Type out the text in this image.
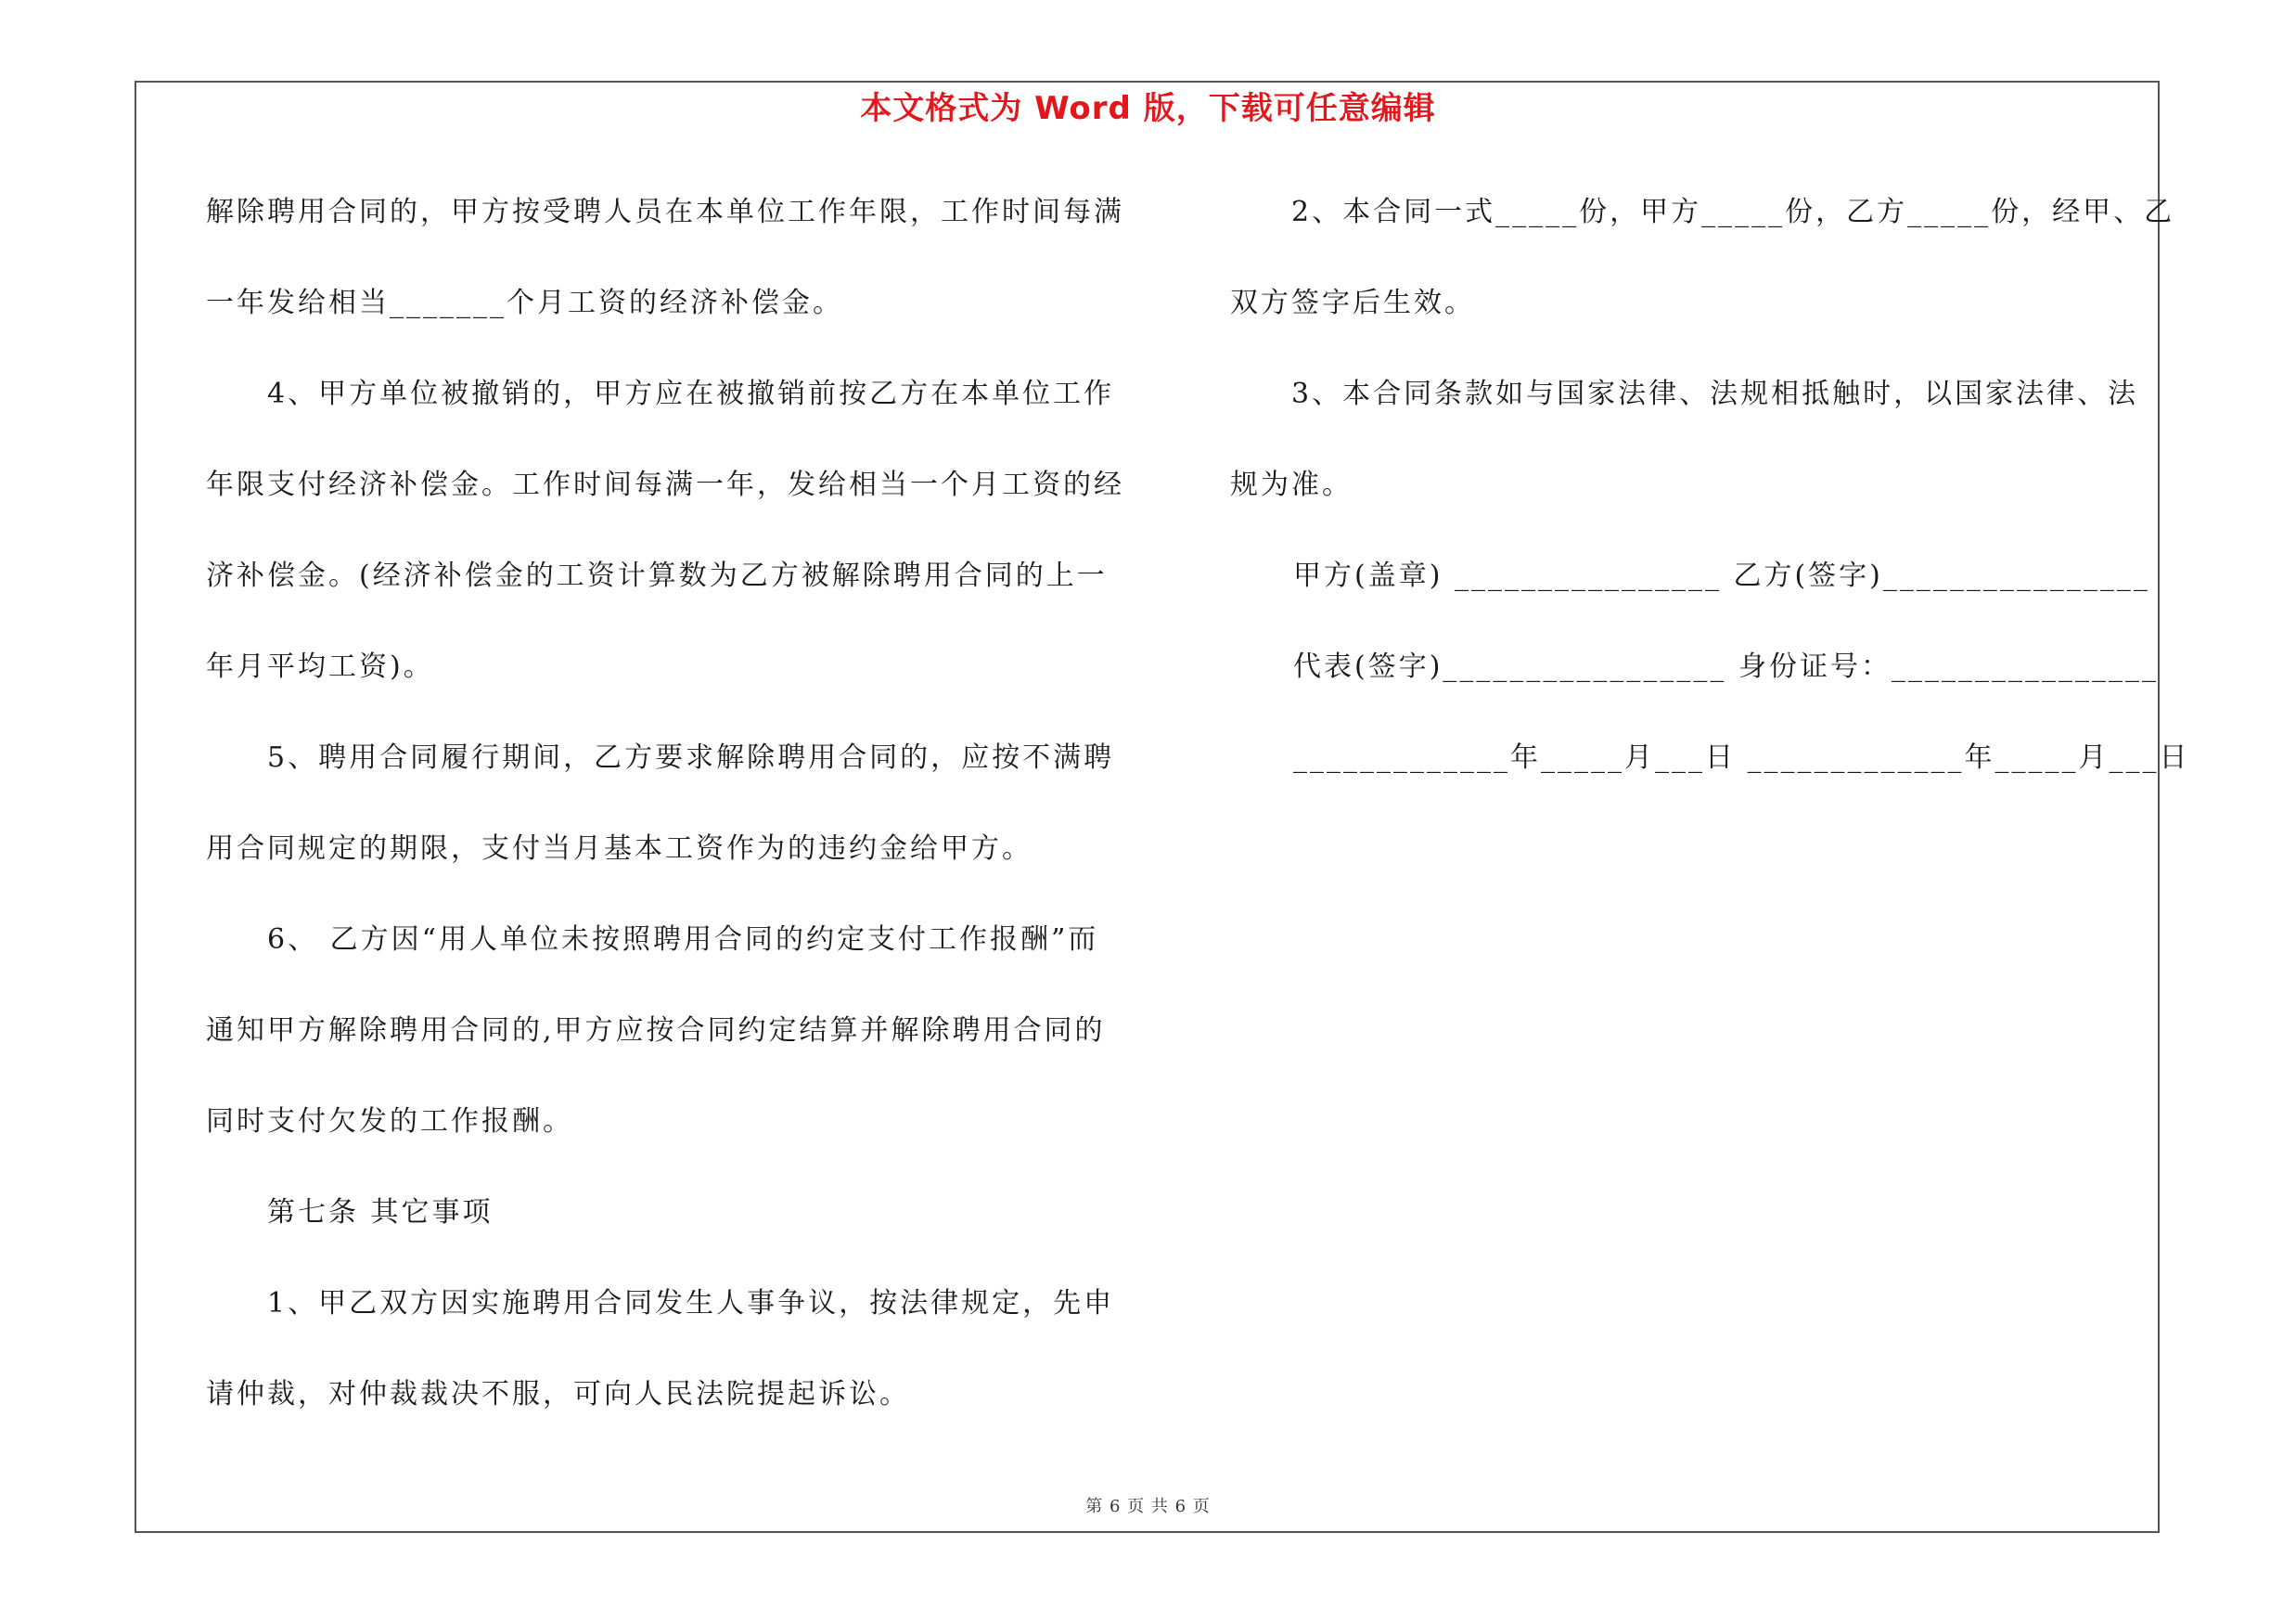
本文格式为 Word 版，下载可任意编辑
解除聘用合同的，甲方按受聘人员在本单位工作年限，工作时间每满
一年发给相当_______个月工资的经济补偿金。
4、甲方单位被撤销的，甲方应在被撤销前按乙方在本单位工作
年限支付经济补偿金。工作时间每满一年，发给相当一个月工资的经
济补偿金。(经济补偿金的工资计算数为乙方被解除聘用合同的上一
年月平均工资)。
5、聘用合同履行期间，乙方要求解除聘用合同的，应按不满聘
用合同规定的期限，支付当月基本工资作为的违约金给甲方。
6、 乙方因“用人单位未按照聘用合同的约定支付工作报酬”而
通知甲方解除聘用合同的,甲方应按合同约定结算并解除聘用合同的
同时支付欠发的工作报酬。
第七条 其它事项
1、甲乙双方因实施聘用合同发生人事争议，按法律规定，先申
请仲裁，对仲裁裁决不服，可向人民法院提起诉讼。
2、本合同一式_____份，甲方_____份，乙方_____份，经甲、乙
双方签字后生效。
3、本合同条款如与国家法律、法规相抵触时，以国家法律、法
规为准。
甲方(盖章) ________________ 乙方(签字)________________
代表(签字)_________________ 身份证号：________________
_____________年_____月___日 _____________年_____月___日
第 6 页 共 6 页
